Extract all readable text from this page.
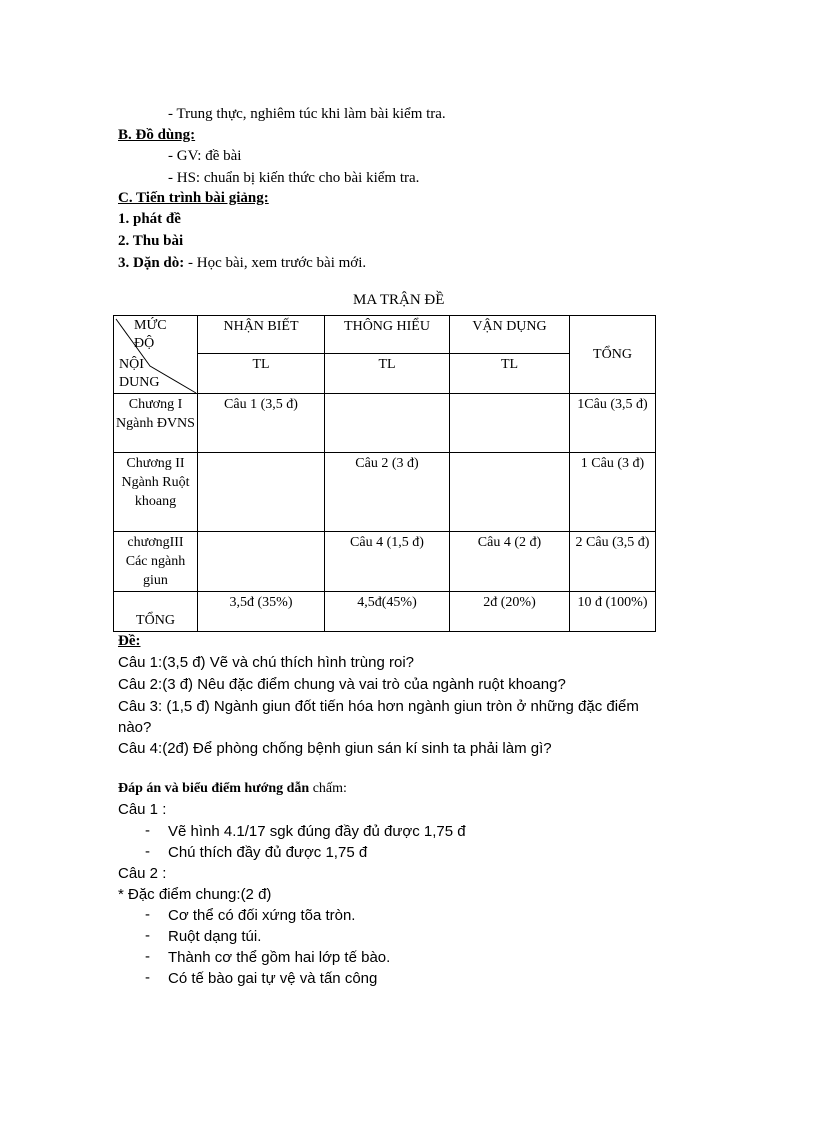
- Trung thực, nghiêm túc khi làm bài kiểm tra.
B. Đồ dùng:
- GV: đề bài
- HS: chuẩn bị kiến thức cho bài kiểm tra.
C. Tiến trình bài giảng:
1. phát đề
2. Thu bài
3. Dặn dò: - Học bài, xem trước bài mới.
MA TRẬN ĐỀ
MỨC ĐỘ
NỘI DUNG	NHẬN BIẾT	THÔNG HIỂU	VẬN DỤNG	TỔNG
	TL	TL	TL	
Chương I Ngành ĐVNS	Câu 1 (3,5 đ)			1Câu (3,5 đ)
Chương II Ngành Ruột khoang		Câu 2 (3 đ)		1 Câu (3 đ)
chươngIII Các ngành giun		Câu 4 (1,5 đ)	Câu 4 (2 đ)	2 Câu (3,5 đ)
TỔNG	3,5đ (35%)	4,5đ(45%)	2đ (20%)	10 đ (100%)
Đề:
Câu 1:(3,5 đ) Vẽ và chú thích hình trùng roi?
Câu 2:(3 đ) Nêu đặc điểm chung và vai trò của ngành ruột khoang?
Câu 3: (1,5 đ) Ngành giun đốt tiến hóa hơn ngành giun tròn ở những đặc điểm
nào?
Câu 4:(2đ) Để phòng chống bệnh giun sán kí sinh ta phải làm gì?
Đáp án và biểu điểm hướng dẫn chấm:
Câu 1 :
- Vẽ hình 4.1/17 sgk đúng đầy đủ được 1,75 đ
- Chú thích đầy đủ được 1,75 đ
Câu 2 :
* Đặc điểm chung:(2 đ)
- Cơ thể có đối xứng tõa tròn.
- Ruột dạng túi.
- Thành cơ thể gồm hai lớp tế bào.
- Có tế bào gai tự vệ và tấn công
